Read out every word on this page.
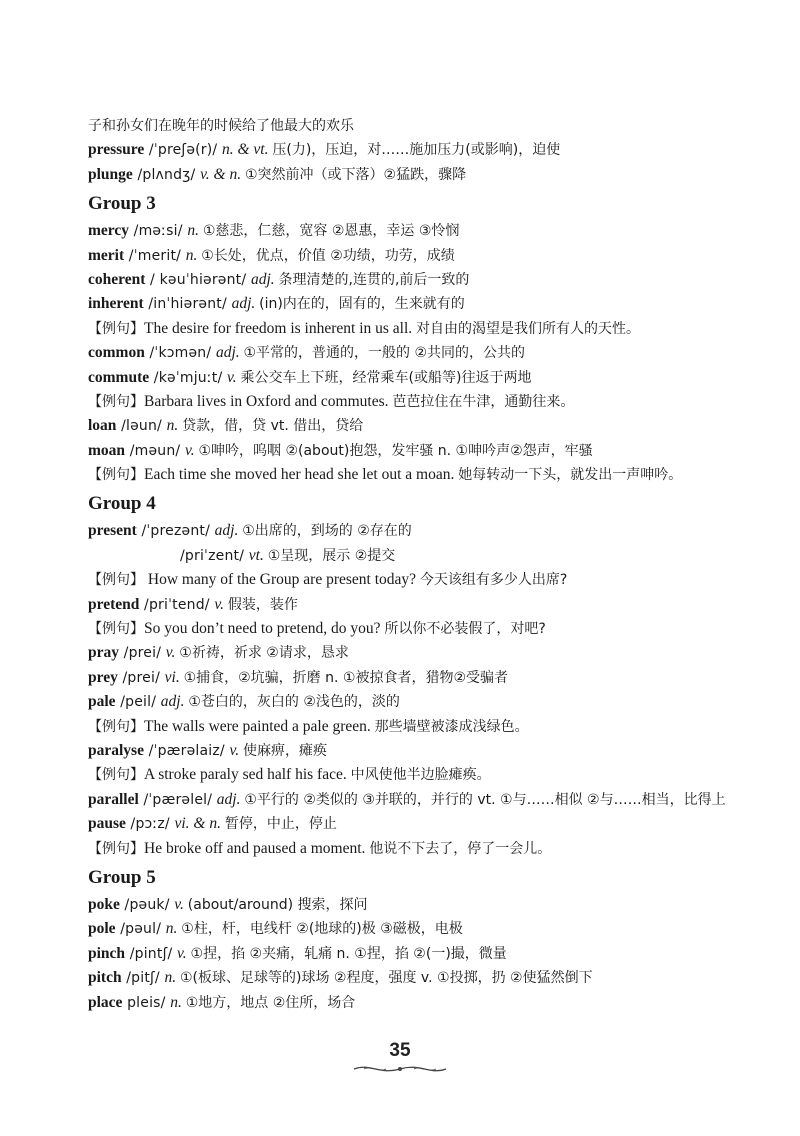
子和孙女们在晚年的时候给了他最大的欢乐
pressure /ˈpreʃə(r)/ n. & vt. 压(力)，压迫，对……施加压力(或影响)，迫使
plunge /plʌndʒ/ v. & n. ①突然前冲（或下落）②猛跌，骤降
Group 3
mercy /məːsi/ n. ①慈悲，仁慈，宽容 ②恩惠，幸运 ③怜悯
merit /ˈmerit/ n. ①长处，优点，价值 ②功绩，功劳，成绩
coherent / kəuˈhiərənt/ adj. 条理清楚的,连贯的,前后一致的
inherent /inˈhiərənt/ adj. (in)内在的，固有的，生来就有的
【例句】The desire for freedom is inherent in us all. 对自由的渴望是我们所有人的天性。
common /ˈkɔmən/ adj. ①平常的，普通的，一般的 ②共同的，公共的
commute /kəˈmjuːt/ v. 乘公交车上下班，经常乘车(或船等)往返于两地
【例句】Barbara lives in Oxford and commutes. 芭芭拉住在牛津，通勤往来。
loan /ləun/ n. 贷款，借，贷 vt. 借出，贷给
moan /məun/ v. ①呻吟，呜咽 ②(about)抱怨，发牢骚 n. ①呻吟声②怨声，牢骚
【例句】Each time she moved her head she let out a moan. 她每转动一下头，就发出一声呻吟。
Group 4
present /ˈprezənt/ adj. ①出席的，到场的 ②存在的
/priˈzent/ vt. ①呈现，展示 ②提交
【例句】 How many of the Group are present today? 今天该组有多少人出席?
pretend /priˈtend/ v. 假装，装作
【例句】So you don’t need to pretend, do you? 所以你不必装假了，对吧?
pray /prei/ v. ①祈祷，祈求 ②请求，恳求
prey /prei/ vi. ①捕食，②坑骗，折磨 n. ①被掠食者，猎物②受骗者
pale /peil/ adj. ①苍白的，灰白的 ②浅色的，淡的
【例句】The walls were painted a pale green. 那些墙壁被漆成浅绿色。
paralyse /ˈpærəlaiz/ v. 使麻痹，瘫痪
【例句】A stroke paraly sed half his face. 中风使他半边脸瘫痪。
parallel /ˈpærəlel/ adj. ①平行的 ②类似的 ③并联的，并行的 vt. ①与……相似 ②与……相当，比得上
pause /pɔːz/ vi. & n. 暂停，中止，停止
【例句】He broke off and paused a moment. 他说不下去了，停了一会儿。
Group 5
poke /pəuk/ v. (about/around) 搜索，探问
pole /pəul/ n. ①柱，杆，电线杆 ②(地球的)极 ③磁极，电极
pinch /pintʃ/ v. ①捏，掐 ②夹痛，轧痛 n. ①捏，掐 ②(一)撮，微量
pitch /pitʃ/ n. ①(板球、足球等的)球场 ②程度，强度 v. ①投掷，扔 ②使猛然倒下
place pleis/ n. ①地方，地点 ②住所，场合
35
